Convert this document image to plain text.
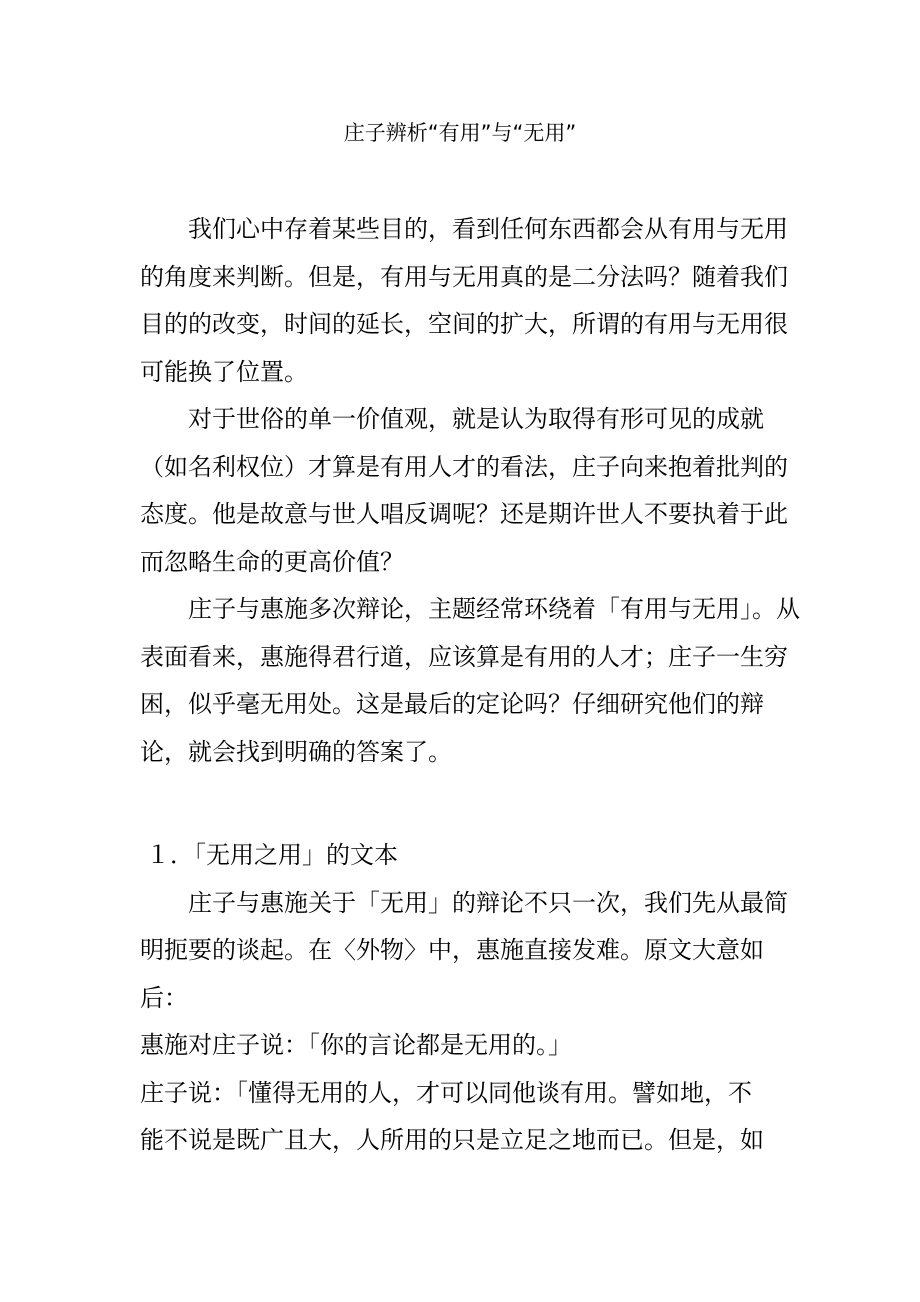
庄子辨析“有用”与“无用”

我们心中存着某些目的，看到任何东西都会从有用与无用的角度来判断。但是，有用与无用真的是二分法吗？随着我们目的的改变，时间的延长，空间的扩大，所谓的有用与无用很可能换了位置。

对于世俗的单一价值观，就是认为取得有形可见的成就（如名利权位）才算是有用人才的看法，庄子向来抱着批判的态度。他是故意与世人唱反调呢？还是期许世人不要执着于此而忽略生命的更高价值？

庄子与惠施多次辩论，主题经常环绕着「有用与无用」。从表面看来，惠施得君行道，应该算是有用的人才；庄子一生穷困，似乎毫无用处。这是最后的定论吗？仔细研究他们的辩论，就会找到明确的答案了。

１．「无用之用」的文本

庄子与惠施关于「无用」的辩论不只一次，我们先从最简明扼要的谈起。在〈外物〉中，惠施直接发难。原文大意如后：

惠施对庄子说：「你的言论都是无用的。」

庄子说：「懂得无用的人，才可以同他谈有用。譬如地，不

能不说是既广且大，人所用的只是立足之地而已。但是，如
